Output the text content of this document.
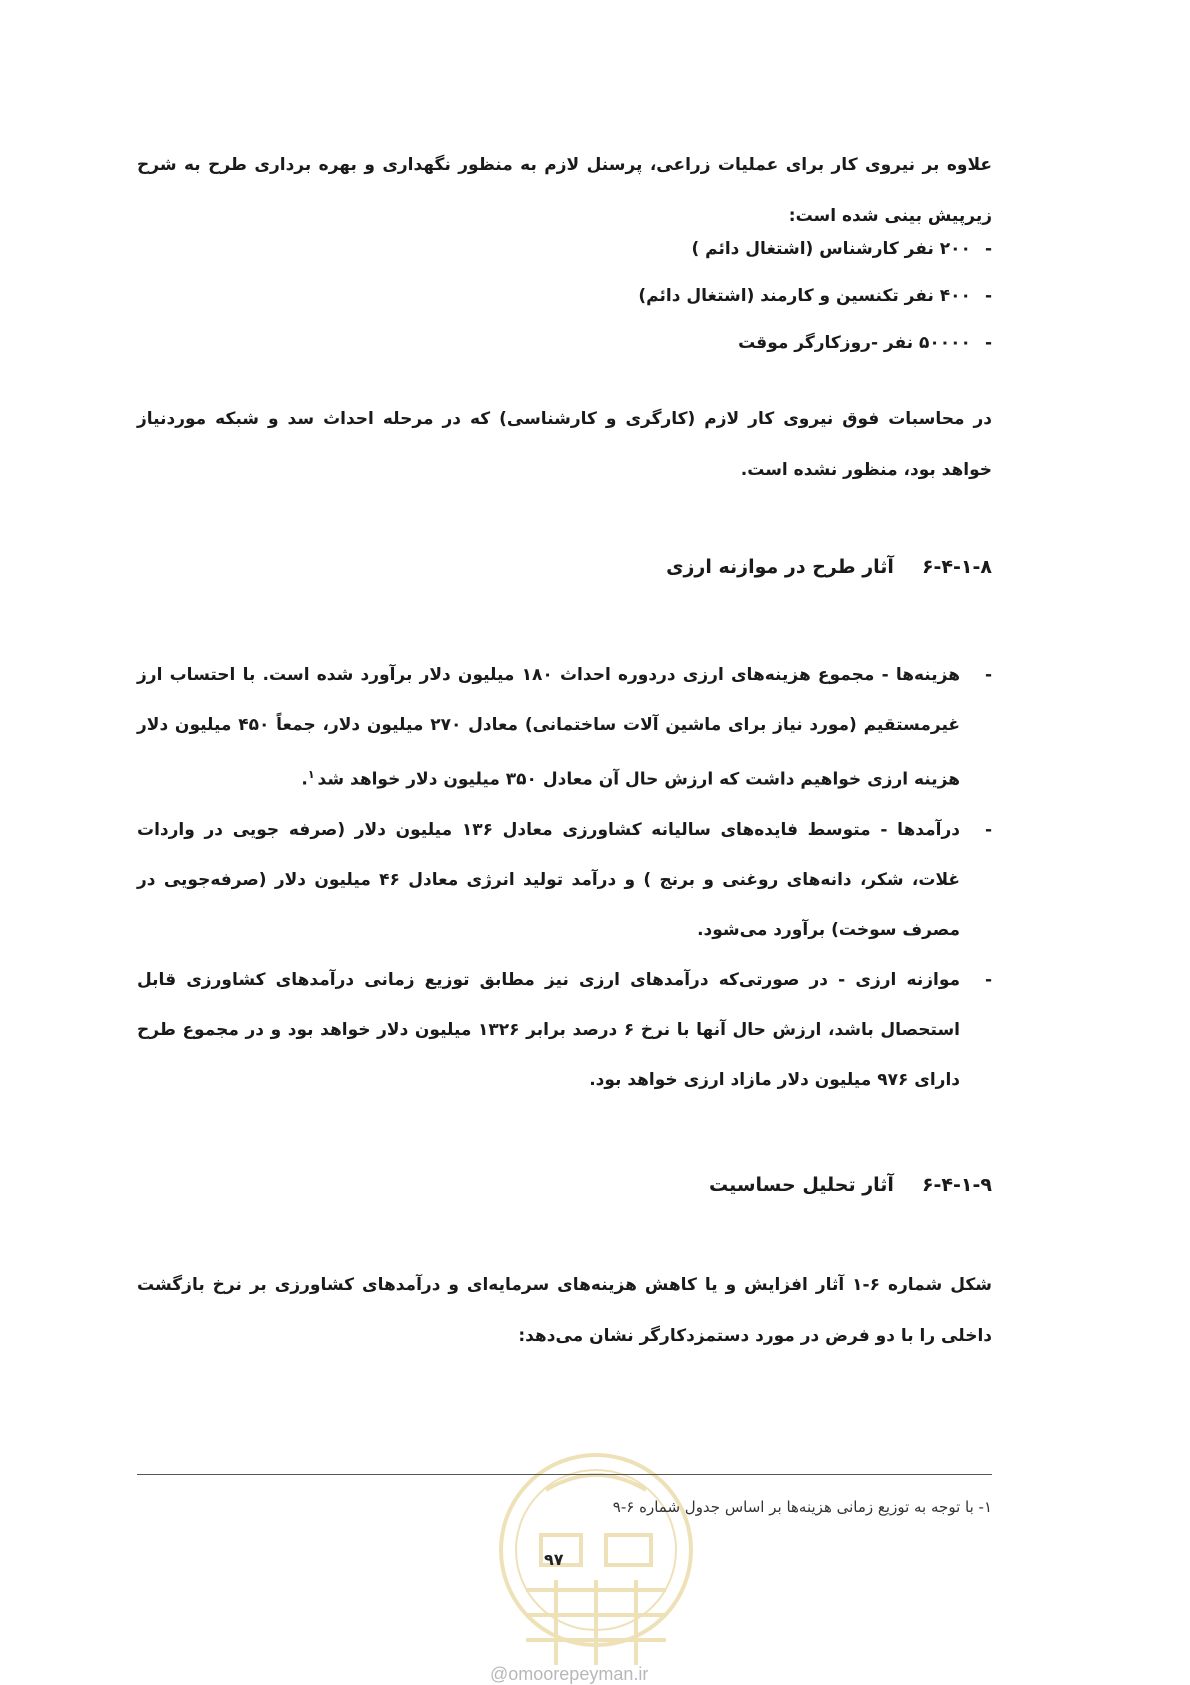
علاوه بر نیروی کار برای عملیات زراعی، پرسنل لازم به منظور نگهداری و بهره برداری طرح به شرح زیرپیش بینی شده است:
-
۲۰۰ نفر کارشناس (اشتغال دائم )
-
۴۰۰ نفر تکنسین و کارمند (اشتغال دائم)
-
۵۰۰۰۰ نفر -روزکارگر موقت
در محاسبات فوق نیروی کار لازم (کارگری و کارشناسی) که در مرحله احداث سد و شبکه موردنیاز خواهد بود، منظور نشده است.
۶-۴-۱-۸
آثار طرح در موازنه ارزی
-
هزینه‌ها - مجموع هزینه‌های ارزی دردوره احداث ۱۸۰ میلیون دلار برآورد شده است. با احتساب ارز غیرمستقیم (مورد نیاز برای ماشین آلات ساختمانی) معادل ۲۷۰ میلیون دلار، جمعاً ۴۵۰ میلیون دلار هزینه ارزی خواهیم داشت که ارزش حال آن معادل ۳۵۰ میلیون دلار خواهد شد$^۱$.
-
درآمدها - متوسط فایده‌های سالیانه کشاورزی معادل ۱۳۶ میلیون دلار (صرفه جویی در واردات غلات، شکر، دانه‌های روغنی و برنج ) و درآمد تولید انرژی معادل ۴۶ میلیون دلار (صرفه‌جویی در مصرف سوخت) برآورد می‌شود.
-
موازنه ارزی - در صورتی‌که درآمدهای ارزی نیز مطابق توزیع زمانی درآمدهای کشاورزی قابل استحصال باشد، ارزش حال آنها با نرخ ۶ درصد برابر ۱۳۲۶ میلیون دلار خواهد بود و در مجموع طرح دارای ۹۷۶ میلیون دلار مازاد ارزی خواهد بود.
۶-۴-۱-۹
آثار تحلیل حساسیت
شکل شماره ۶-۱ آثار افزایش و یا کاهش هزینه‌های سرمایه‌ای و درآمدهای کشاورزی بر نرخ بازگشت داخلی را با دو فرض در مورد دستمزدکارگر نشان می‌دهد:
۱- با توجه به توزیع زمانی هزینه‌ها بر اساس جدول شماره ۶-۹
۹۷
@omoorepeyman.ir
